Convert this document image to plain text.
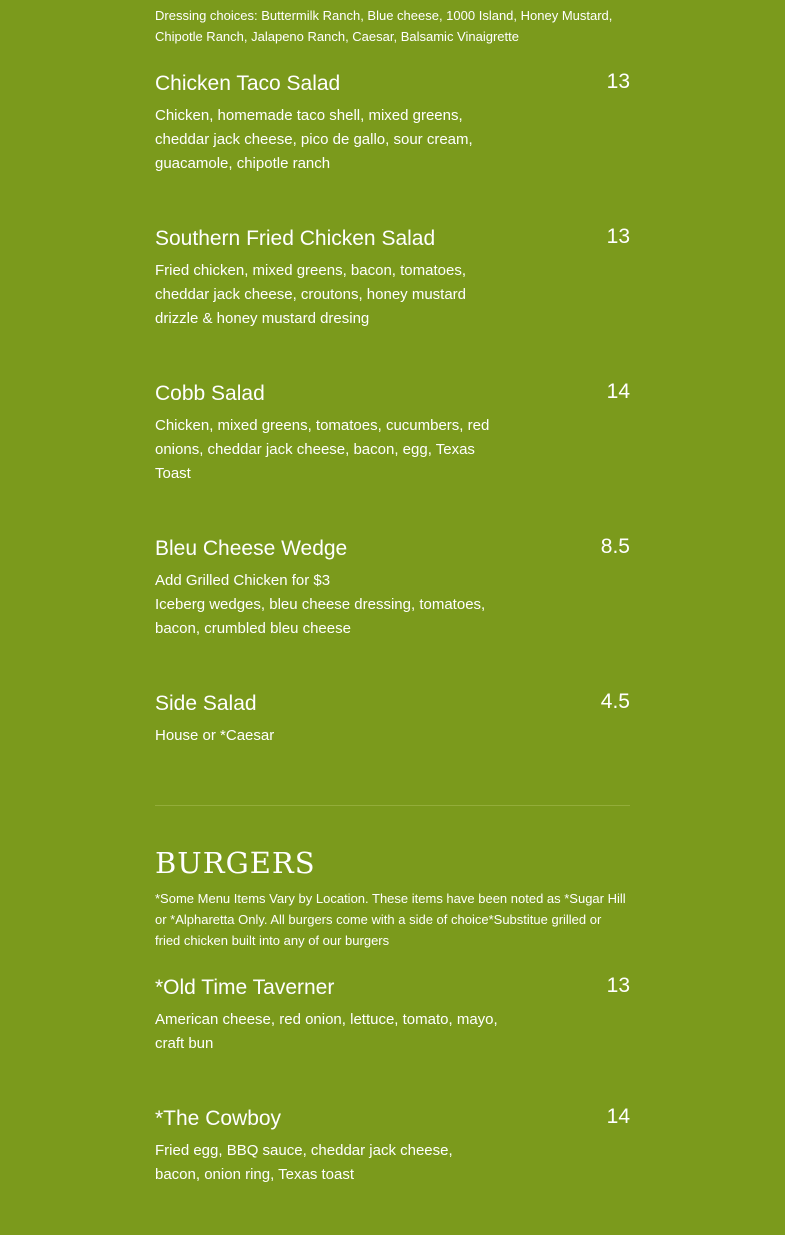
Dressing choices: Buttermilk Ranch, Blue cheese, 1000 Island, Honey Mustard, Chipotle Ranch, Jalapeno Ranch, Caesar, Balsamic Vinaigrette

Chicken Taco Salad	13

Chicken, homemade taco shell, mixed greens, cheddar jack cheese, pico de gallo, sour cream, guacamole, chipotle ranch

Southern Fried Chicken Salad	13

Fried chicken, mixed greens, bacon, tomatoes, cheddar jack cheese, croutons, honey mustard drizzle & honey mustard dresing

Cobb Salad	14

Chicken, mixed greens, tomatoes, cucumbers, red onions, cheddar jack cheese, bacon, egg, Texas Toast

Bleu Cheese Wedge	8.5

Add Grilled Chicken for $3
Iceberg wedges, bleu cheese dressing, tomatoes, bacon, crumbled bleu cheese

Side Salad	4.5

House or *Caesar

BURGERS

*Some Menu Items Vary by Location. These items have been noted as *Sugar Hill or *Alpharetta Only. All burgers come with a side of choice*Substitue grilled or fried chicken built into any of our burgers

*Old Time Taverner	13

American cheese, red onion, lettuce, tomato, mayo, craft bun

*The Cowboy	14

Fried egg, BBQ sauce, cheddar jack cheese, bacon, onion ring, Texas toast
